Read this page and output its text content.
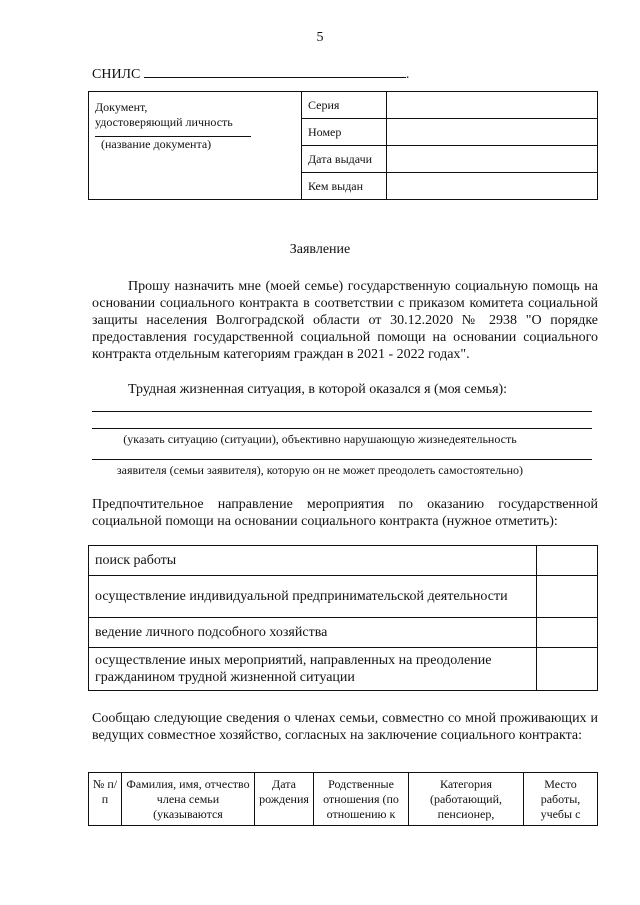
5
СНИЛС	.
Документ,
удостоверяющий личность
(название документа)	Серия	
	Номер	
	Дата выдачи	
	Кем выдан	
Заявление
Прошу назначить мне (моей семье) государственную социальную помощь на основании социального контракта в соответствии с приказом комитета социальной защиты населения Волгоградской области от 30.12.2020 № 2938 "О порядке предоставления государственной социальной помощи на основании социального контракта отдельным категориям граждан в 2021 - 2022 годах".
Трудная жизненная ситуация, в которой оказался я (моя семья):
(указать ситуацию (ситуации), объективно нарушающую жизнедеятельность
заявителя (семьи заявителя), которую он не может преодолеть самостоятельно)
Предпочтительное направление мероприятия по оказанию государственной социальной помощи на основании социального контракта (нужное отметить):
поиск работы	
осуществление индивидуальной предпринимательской деятельности	
ведение личного подсобного хозяйства	
осуществление иных мероприятий, направленных на преодоление гражданином трудной жизненной ситуации	
Сообщаю следующие сведения о членах семьи, совместно со мной проживающих и ведущих совместное хозяйство, согласных на заключение социального контракта:
№ п/п	Фамилия, имя, отчество члена семьи (указываются	Дата рождения	Родственные отношения (по отношению к	Категория (работающий, пенсионер,	Место работы, учебы с
